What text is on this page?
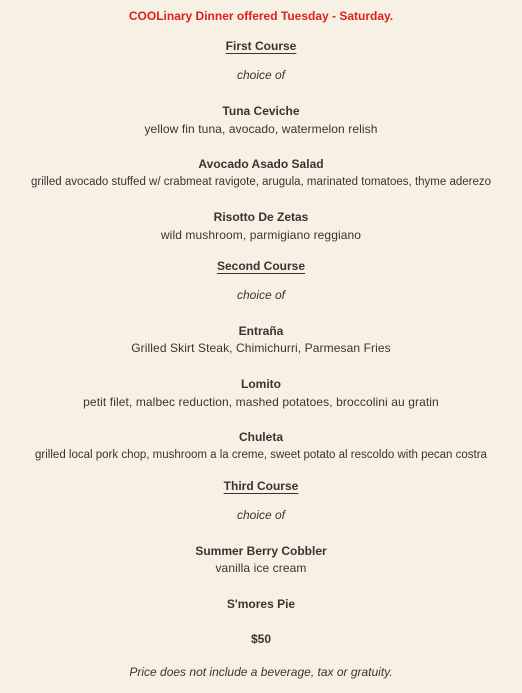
COOLinary Dinner offered Tuesday - Saturday.
First Course
choice of
Tuna Ceviche
yellow fin tuna, avocado, watermelon relish
Avocado Asado Salad
grilled avocado stuffed w/ crabmeat ravigote, arugula, marinated tomatoes, thyme aderezo
Risotto De Zetas
wild mushroom, parmigiano reggiano
Second Course
choice of
Entraña
Grilled Skirt Steak, Chimichurri, Parmesan Fries
Lomito
petit filet, malbec reduction, mashed potatoes, broccolini au gratin
Chuleta
grilled local pork chop, mushroom a la creme, sweet potato al rescoldo with pecan costra
Third Course
choice of
Summer Berry Cobbler
vanilla ice cream
S'mores Pie
$50
Price does not include a beverage, tax or gratuity.
